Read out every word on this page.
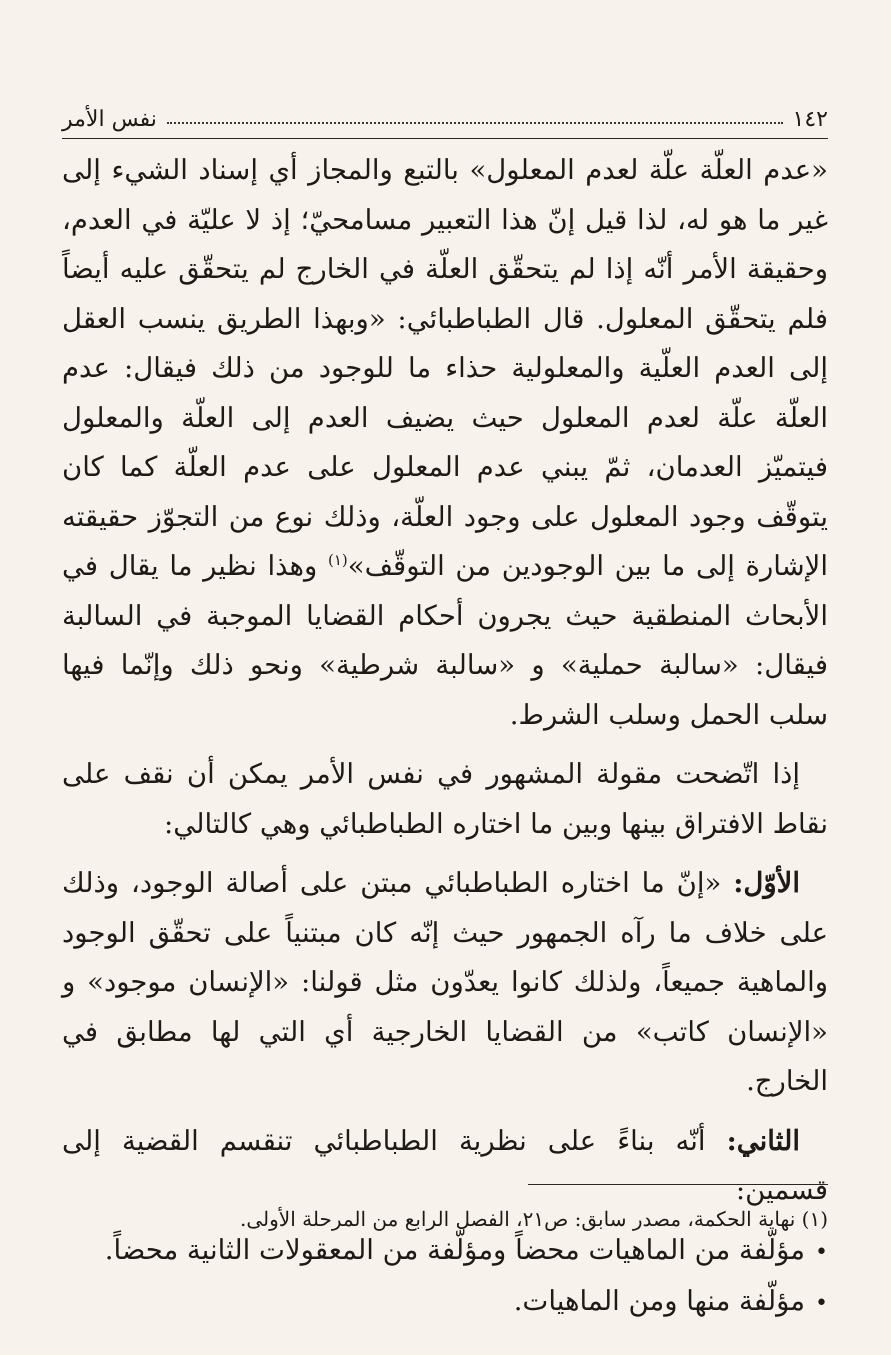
١٤٢
نفس الأمر

«عدم العلّة علّة لعدم المعلول» بالتبع والمجاز أي إسناد الشيء إلى غير ما هو له، لذا قيل إنّ هذا التعبير مسامحيّ؛ إذ لا عليّة في العدم، وحقيقة الأمر أنّه إذا لم يتحقّق العلّة في الخارج لم يتحقّق عليه أيضاً فلم يتحقّق المعلول. قال الطباطبائي: «وبهذا الطريق ينسب العقل إلى العدم العلّية والمعلولية حذاء ما للوجود من ذلك فيقال: عدم العلّة علّة لعدم المعلول حيث يضيف العدم إلى العلّة والمعلول فيتميّز العدمان، ثمّ يبني عدم المعلول على عدم العلّة كما كان يتوقّف وجود المعلول على وجود العلّة، وذلك نوع من التجوّز حقيقته الإشارة إلى ما بين الوجودين من التوقّف»$^{(١)}$ وهذا نظير ما يقال في الأبحاث المنطقية حيث يجرون أحكام القضايا الموجبة في السالبة فيقال: «سالبة حملية» و «سالبة شرطية» ونحو ذلك وإنّما فيها سلب الحمل وسلب الشرط.

إذا اتّضحت مقولة المشهور في نفس الأمر يمكن أن نقف على نقاط الافتراق بينها وبين ما اختاره الطباطبائي وهي كالتالي:

الأوّل: «إنّ ما اختاره الطباطبائي مبتن على أصالة الوجود، وذلك على خلاف ما رآه الجمهور حيث إنّه كان مبتنياً على تحقّق الوجود والماهية جميعاً، ولذلك كانوا يعدّون مثل قولنا: «الإنسان موجود» و «الإنسان كاتب» من القضايا الخارجية أي التي لها مطابق في الخارج.

الثاني: أنّه بناءً على نظرية الطباطبائي تنقسم القضية إلى قسمين:

•
مؤلّفة من الماهيات محضاً ومؤلّفة من المعقولات الثانية محضاً.
•
مؤلّفة منها ومن الماهيات.
(١) نهاية الحكمة، مصدر سابق: ص٢١، الفصل الرابع من المرحلة الأولى.
